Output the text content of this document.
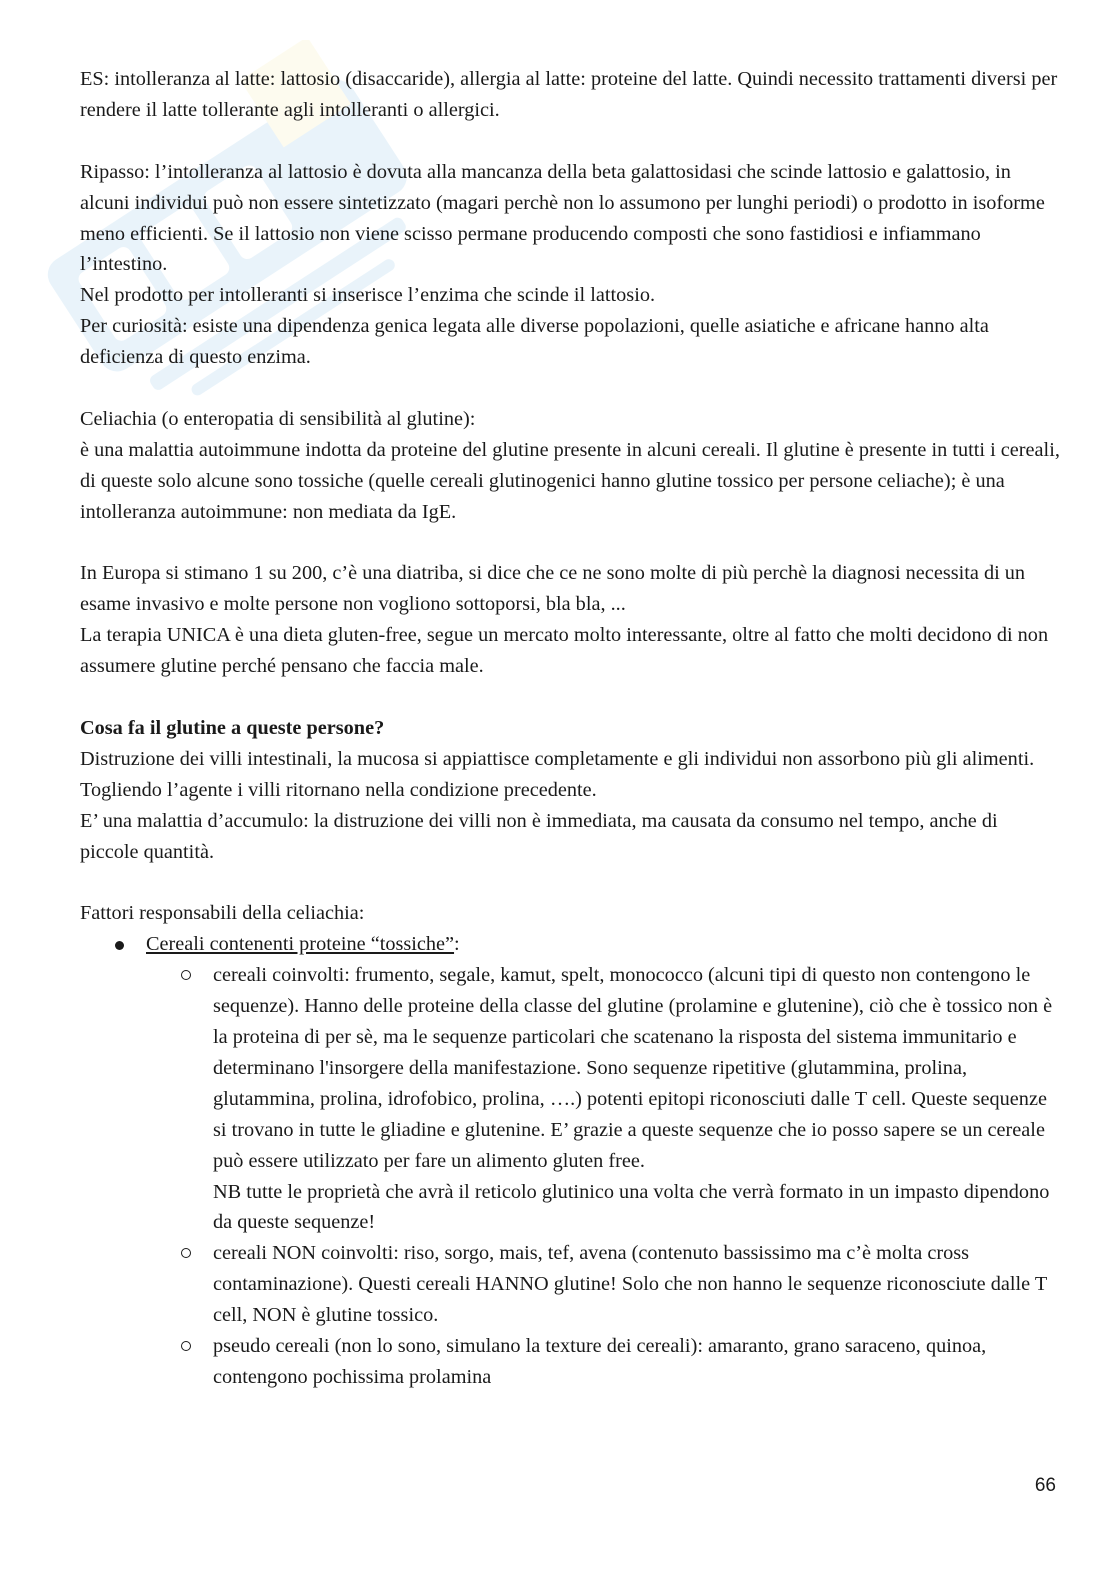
ES: intolleranza al latte: lattosio (disaccaride), allergia al latte: proteine del latte. Quindi necessito trattamenti diversi per rendere il latte tollerante agli intolleranti o allergici.

Ripasso: l’intolleranza al lattosio è dovuta alla mancanza della beta galattosidasi che scinde lattosio e galattosio, in alcuni individui può non essere sintetizzato (magari perchè non lo assumono per lunghi periodi) o prodotto in isoforme meno efficienti. Se il lattosio non viene scisso permane producendo composti che sono fastidiosi e infiammano l’intestino.

Nel prodotto per intolleranti si inserisce l’enzima che scinde il lattosio.

Per curiosità: esiste una dipendenza genica legata alle diverse popolazioni, quelle asiatiche e africane hanno alta deficienza di questo enzima.

Celiachia (o enteropatia di sensibilità al glutine):

è una malattia autoimmune indotta da proteine del glutine presente in alcuni cereali. Il glutine è presente in tutti i cereali, di queste solo alcune sono tossiche (quelle cereali glutinogenici hanno glutine tossico per persone celiache); è una intolleranza autoimmune: non mediata da IgE.

In Europa si stimano 1 su 200, c’è una diatriba, si dice che ce ne sono molte di più perchè la diagnosi necessita di un esame invasivo e molte persone non vogliono sottoporsi, bla bla, ...

La terapia UNICA è una dieta gluten-free, segue un mercato molto interessante, oltre al fatto che molti decidono di non assumere glutine perché pensano che faccia male.

Cosa fa il glutine a queste persone?

Distruzione dei villi intestinali, la mucosa si appiattisce completamente e gli individui non assorbono più gli alimenti.

Togliendo l’agente i villi ritornano nella condizione precedente.

E’ una malattia d’accumulo: la distruzione dei villi non è immediata, ma causata da consumo nel tempo, anche di piccole quantità.

Fattori responsabili della celiachia:

Cereali contenenti proteine “tossiche”:
cereali coinvolti: frumento, segale, kamut, spelt, monococco (alcuni tipi di questo non contengono le sequenze). Hanno delle proteine della classe del glutine (prolamine e glutenine), ciò che è tossico non è la proteina di per sè, ma le sequenze particolari che scatenano la risposta del sistema immunitario e determinano l'insorgere della manifestazione. Sono sequenze ripetitive (glutammina, prolina, glutammina, prolina, idrofobico, prolina, ….) potenti epitopi riconosciuti dalle T cell. Queste sequenze si trovano in tutte le gliadine e glutenine. E’ grazie a queste sequenze che io posso sapere se un cereale può essere utilizzato per fare un alimento gluten free.
NB tutte le proprietà che avrà il reticolo glutinico una volta che verrà formato in un impasto dipendono da queste sequenze!
cereali NON coinvolti: riso, sorgo, mais, tef, avena (contenuto bassissimo ma c’è molta cross contaminazione). Questi cereali HANNO glutine! Solo che non hanno le sequenze riconosciute dalle T cell, NON è glutine tossico.
pseudo cereali (non lo sono, simulano la texture dei cereali): amaranto, grano saraceno, quinoa, contengono pochissima prolamina
66
